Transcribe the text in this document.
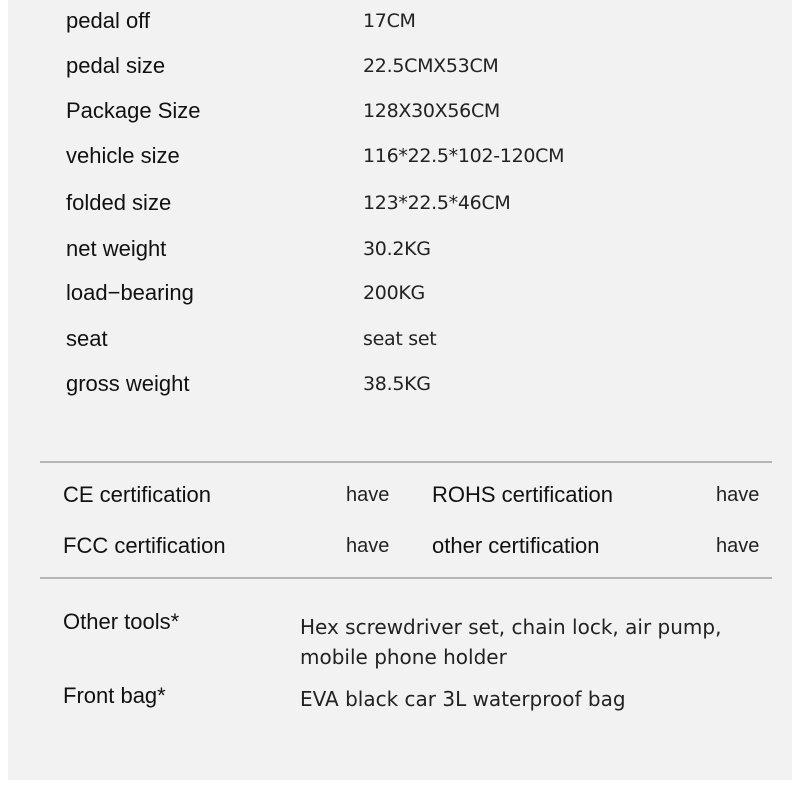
pedal off	17CM
pedal size	22.5CMX53CM
Package Size	128X30X56CM
vehicle size	116*22.5*102-120CM
folded size	123*22.5*46CM
net weight	30.2KG
load−bearing	200KG
seat	seat set
gross weight	38.5KG
CE certification	have ROHS certification	have
FCC certification	have other certification	have
Other tools*	Hex screwdriver set, chain lock, air pump, mobile phone holder
Front bag*	EVA black car 3L waterproof bag
